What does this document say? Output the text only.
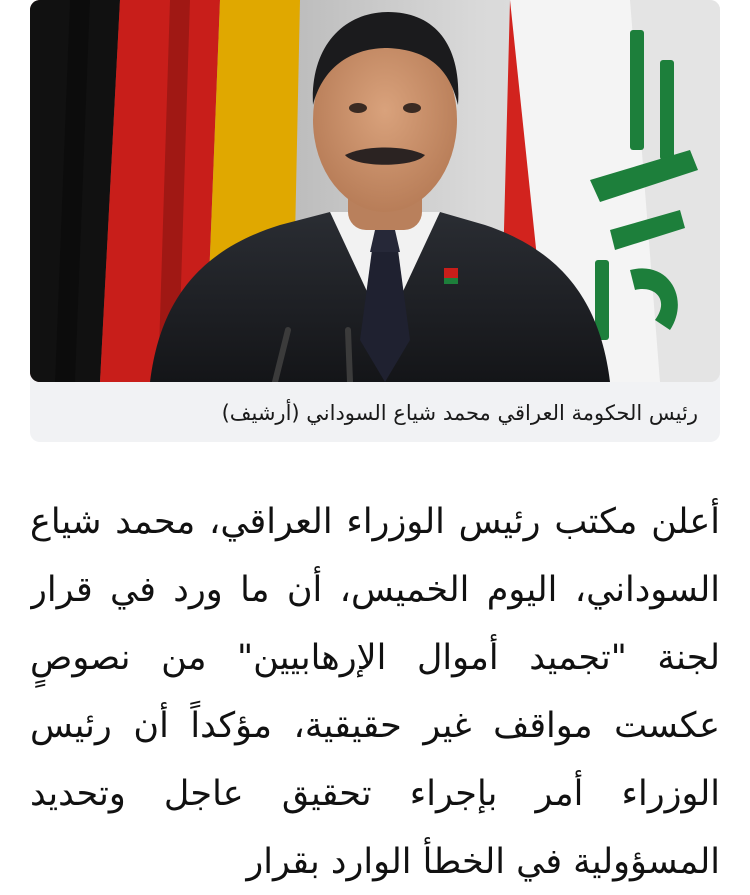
رئيس الحكومة العراقي محمد شياع السوداني (أرشيف)

أعلن مكتب رئيس الوزراء العراقي، محمد شياع السوداني، اليوم الخميس، أن ما ورد في قرار لجنة "تجميد أموال الإرهابيين" من نصوصٍ عكست مواقف غير حقيقية، مؤكداً أن رئيس الوزراء أمر بإجراء تحقيق عاجل وتحديد المسؤولية في الخطأ الوارد بقرار
